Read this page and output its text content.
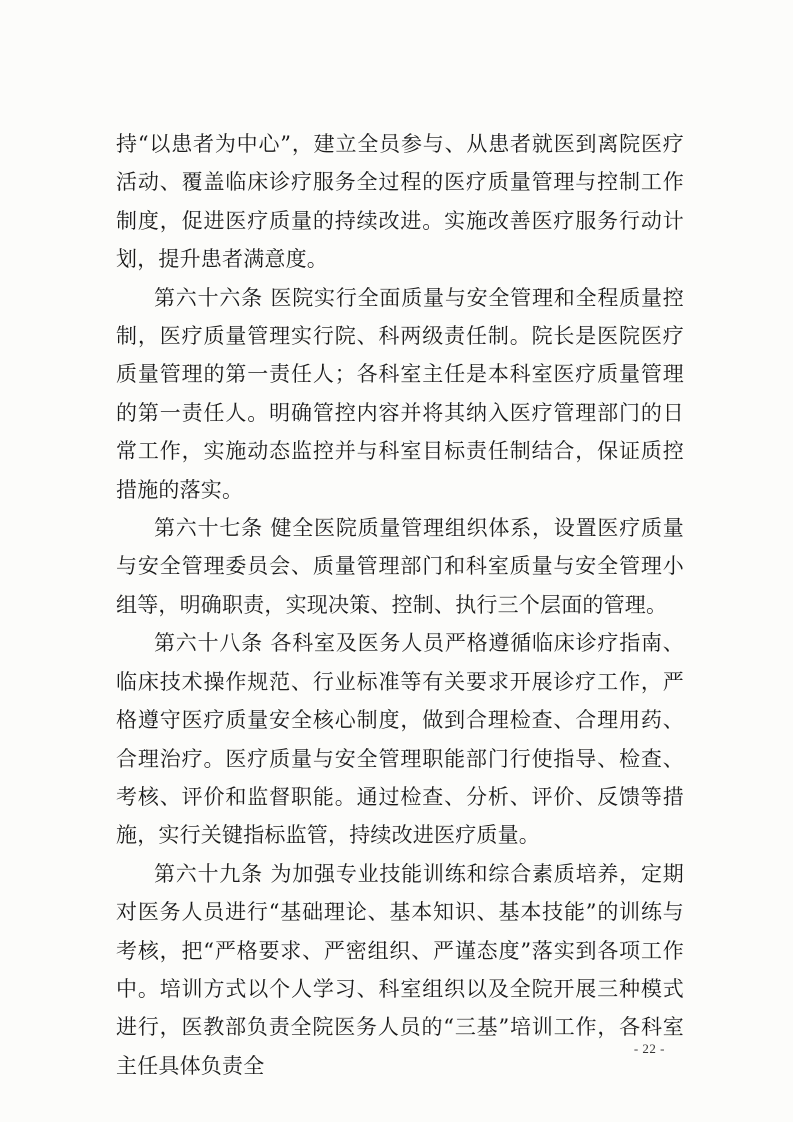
持“以患者为中心”，建立全员参与、从患者就医到离院医疗活动、覆盖临床诊疗服务全过程的医疗质量管理与控制工作制度，促进医疗质量的持续改进。实施改善医疗服务行动计划，提升患者满意度。

第六十六条 医院实行全面质量与安全管理和全程质量控制，医疗质量管理实行院、科两级责任制。院长是医院医疗质量管理的第一责任人；各科室主任是本科室医疗质量管理的第一责任人。明确管控内容并将其纳入医疗管理部门的日常工作，实施动态监控并与科室目标责任制结合，保证质控措施的落实。

第六十七条 健全医院质量管理组织体系，设置医疗质量与安全管理委员会、质量管理部门和科室质量与安全管理小组等，明确职责，实现决策、控制、执行三个层面的管理。

第六十八条 各科室及医务人员严格遵循临床诊疗指南、临床技术操作规范、行业标准等有关要求开展诊疗工作，严格遵守医疗质量安全核心制度，做到合理检查、合理用药、合理治疗。医疗质量与安全管理职能部门行使指导、检查、考核、评价和监督职能。通过检查、分析、评价、反馈等措施，实行关键指标监管，持续改进医疗质量。

第六十九条 为加强专业技能训练和综合素质培养，定期对医务人员进行“基础理论、基本知识、基本技能”的训练与考核，把“严格要求、严密组织、严谨态度”落实到各项工作中。培训方式以个人学习、科室组织以及全院开展三种模式进行，医教部负责全院医务人员的“三基”培训工作，各科室主任具体负责全

- 22 -
